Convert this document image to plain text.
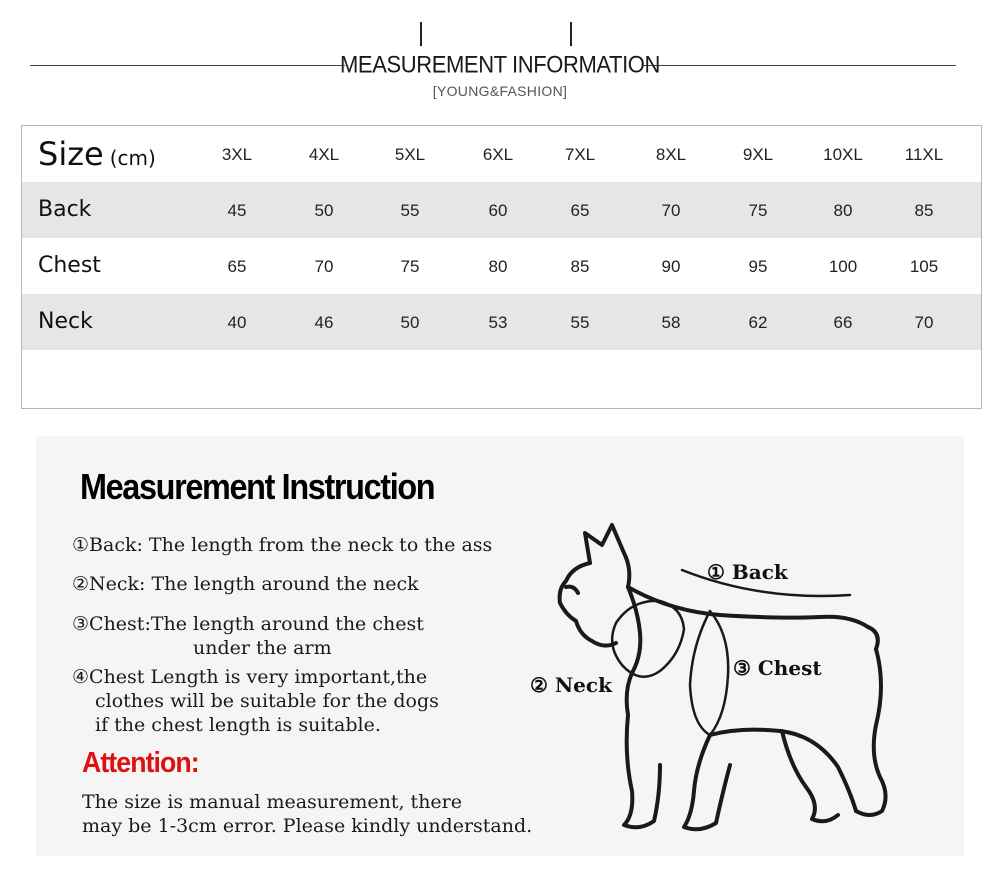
MEASUREMENT INFORMATION
[YOUNG&FASHION]
Size (cm)	3XL	4XL	5XL	6XL	7XL	8XL	9XL	10XL	11XL
Back	45	50	55	60	65	70	75	80	85
Chest	65	70	75	80	85	90	95	100	105
Neck	40	46	50	53	55	58	62	66	70
Measurement Instruction
①Back: The length from the neck to the ass
②Neck: The length around the neck
③Chest:The length around the chest
under the arm
④Chest Length is very important,the
clothes will be suitable for the dogs
if the chest length is suitable.
Attention:
The size is manual measurement, there
may be 1-3cm error. Please kindly understand.
① Back
② Neck
③ Chest
